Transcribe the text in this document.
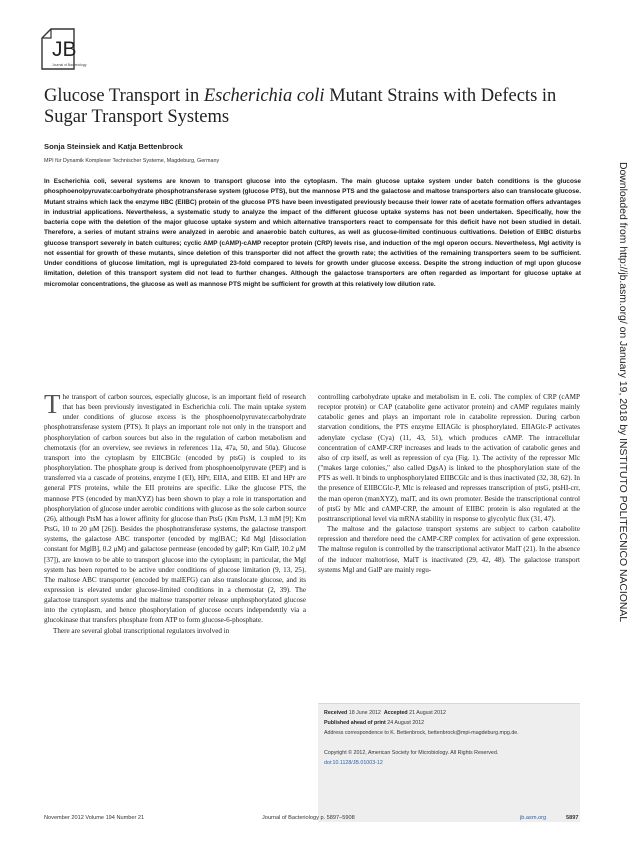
JB
Journal of Bacteriology
Glucose Transport in Escherichia coli Mutant Strains with Defects in Sugar Transport Systems
Sonja Steinsiek and Katja Bettenbrock
MPI für Dynamik Komplexer Technischer Systeme, Magdeburg, Germany
In Escherichia coli, several systems are known to transport glucose into the cytoplasm. The main glucose uptake system under batch conditions is the glucose phosphoenolpyruvate:carbohydrate phosphotransferase system (glucose PTS), but the mannose PTS and the galactose and maltose transporters also can translocate glucose. Mutant strains which lack the enzyme IIBC (EIIBC) protein of the glucose PTS have been investigated previously because their lower rate of acetate formation offers advantages in industrial applications. Nevertheless, a systematic study to analyze the impact of the different glucose uptake systems has not been undertaken. Specifically, how the bacteria cope with the deletion of the major glucose uptake system and which alternative transporters react to compensate for this deficit have not been studied in detail. Therefore, a series of mutant strains were analyzed in aerobic and anaerobic batch cultures, as well as glucose-limited continuous cultivations. Deletion of EIIBC disturbs glucose transport severely in batch cultures; cyclic AMP (cAMP)-cAMP receptor protein (CRP) levels rise, and induction of the mgl operon occurs. Nevertheless, Mgl activity is not essential for growth of these mutants, since deletion of this transporter did not affect the growth rate; the activities of the remaining transporters seem to be sufficient. Under conditions of glucose limitation, mgl is upregulated 23-fold compared to levels for growth under glucose excess. Despite the strong induction of mgl upon glucose limitation, deletion of this transport system did not lead to further changes. Although the galactose transporters are often regarded as important for glucose uptake at micromolar concentrations, the glucose as well as mannose PTS might be sufficient for growth at this relatively low dilution rate.

The transport of carbon sources, especially glucose, is an important field of research that has been previously investigated in Escherichia coli. The main uptake system under conditions of glucose excess is the phosphoenolpyruvate:carbohydrate phosphotransferase system (PTS). It plays an important role not only in the transport and phosphorylation of carbon sources but also in the regulation of carbon metabolism and chemotaxis (for an overview, see reviews in references 11a, 47a, 50, and 50a). Glucose transport into the cytoplasm by EIICBGlc (encoded by ptsG) is coupled to its phosphorylation. The phosphate group is derived from phosphoenolpyruvate (PEP) and is transferred via a cascade of proteins, enzyme I (EI), HPr, EIIA, and EIIB. EI and HPr are general PTS proteins, while the EII proteins are specific. Like the glucose PTS, the mannose PTS (encoded by manXYZ) has been shown to play a role in transportation and phosphorylation of glucose under aerobic conditions with glucose as the sole carbon source (26), although PtsM has a lower affinity for glucose than PtsG (Km PtsM, 1.3 mM [9]; Km PtsG, 10 to 20 μM [26]). Besides the phosphotransferase systems, the galactose transport systems, the galactose ABC transporter (encoded by mglBAC; Kd Mgl [dissociation constant for MglB], 0.2 μM) and galactose permease (encoded by galP; Km GalP, 10.2 μM [37]), are known to be able to transport glucose into the cytoplasm; in particular, the Mgl system has been reported to be active under conditions of glucose limitation (9, 13, 25). The maltose ABC transporter (encoded by malEFG) can also translocate glucose, and its expression is elevated under glucose-limited conditions in a chemostat (2, 39). The galactose transport systems and the maltose transporter release unphosphorylated glucose into the cytoplasm, and hence phosphorylation of glucose occurs independently via a glucokinase that transfers phosphate from ATP to form glucose-6-phosphate.

There are several global transcriptional regulators involved in

controlling carbohydrate uptake and metabolism in E. coli. The complex of CRP (cAMP receptor protein) or CAP (catabolite gene activator protein) and cAMP regulates mainly catabolic genes and plays an important role in catabolite repression. During carbon starvation conditions, the PTS enzyme EIIAGlc is phosphorylated. EIIAGlc-P activates adenylate cyclase (Cya) (11, 43, 51), which produces cAMP. The intracellular concentration of cAMP-CRP increases and leads to the activation of catabolic genes and also of crp itself, as well as repression of cya (Fig. 1). The activity of the repressor Mlc ("makes large colonies," also called DgsA) is linked to the phosphorylation state of the PTS as well. It binds to unphosphorylated EIIBCGlc and is thus inactivated (32, 38, 62). In the presence of EIIBCGlc-P, Mlc is released and represses transcription of ptsG, ptsHI-crr, the man operon (manXYZ), malT, and its own promoter. Beside the transcriptional control of ptsG by Mlc and cAMP-CRP, the amount of EIIBC protein is also regulated at the posttranscriptional level via mRNA stability in response to glycolytic flux (31, 47).

The maltose and the galactose transport systems are subject to carbon catabolite repression and therefore need the cAMP-CRP complex for activation of gene expression. The maltose regulon is controlled by the transcriptional activator MalT (21). In the absence of the inducer maltotriose, MalT is inactivated (29, 42, 48). The galactose transport systems Mgl and GalP are mainly regu-

Received 18 June 2012 Accepted 21 August 2012
Published ahead of print 24 August 2012
Address correspondence to K. Bettenbrock, bettenbrock@mpi-magdeburg.mpg.de.
Copyright © 2012, American Society for Microbiology. All Rights Reserved.
doi:10.1128/JB.01003-12
Downloaded from http://jb.asm.org/ on January 19, 2018 by INSTITUTO POLITECNICO NACIONAL
November 2012 Volume 194 Number 21	Journal of Bacteriology p. 5897–5908	jb.asm.org	5897
